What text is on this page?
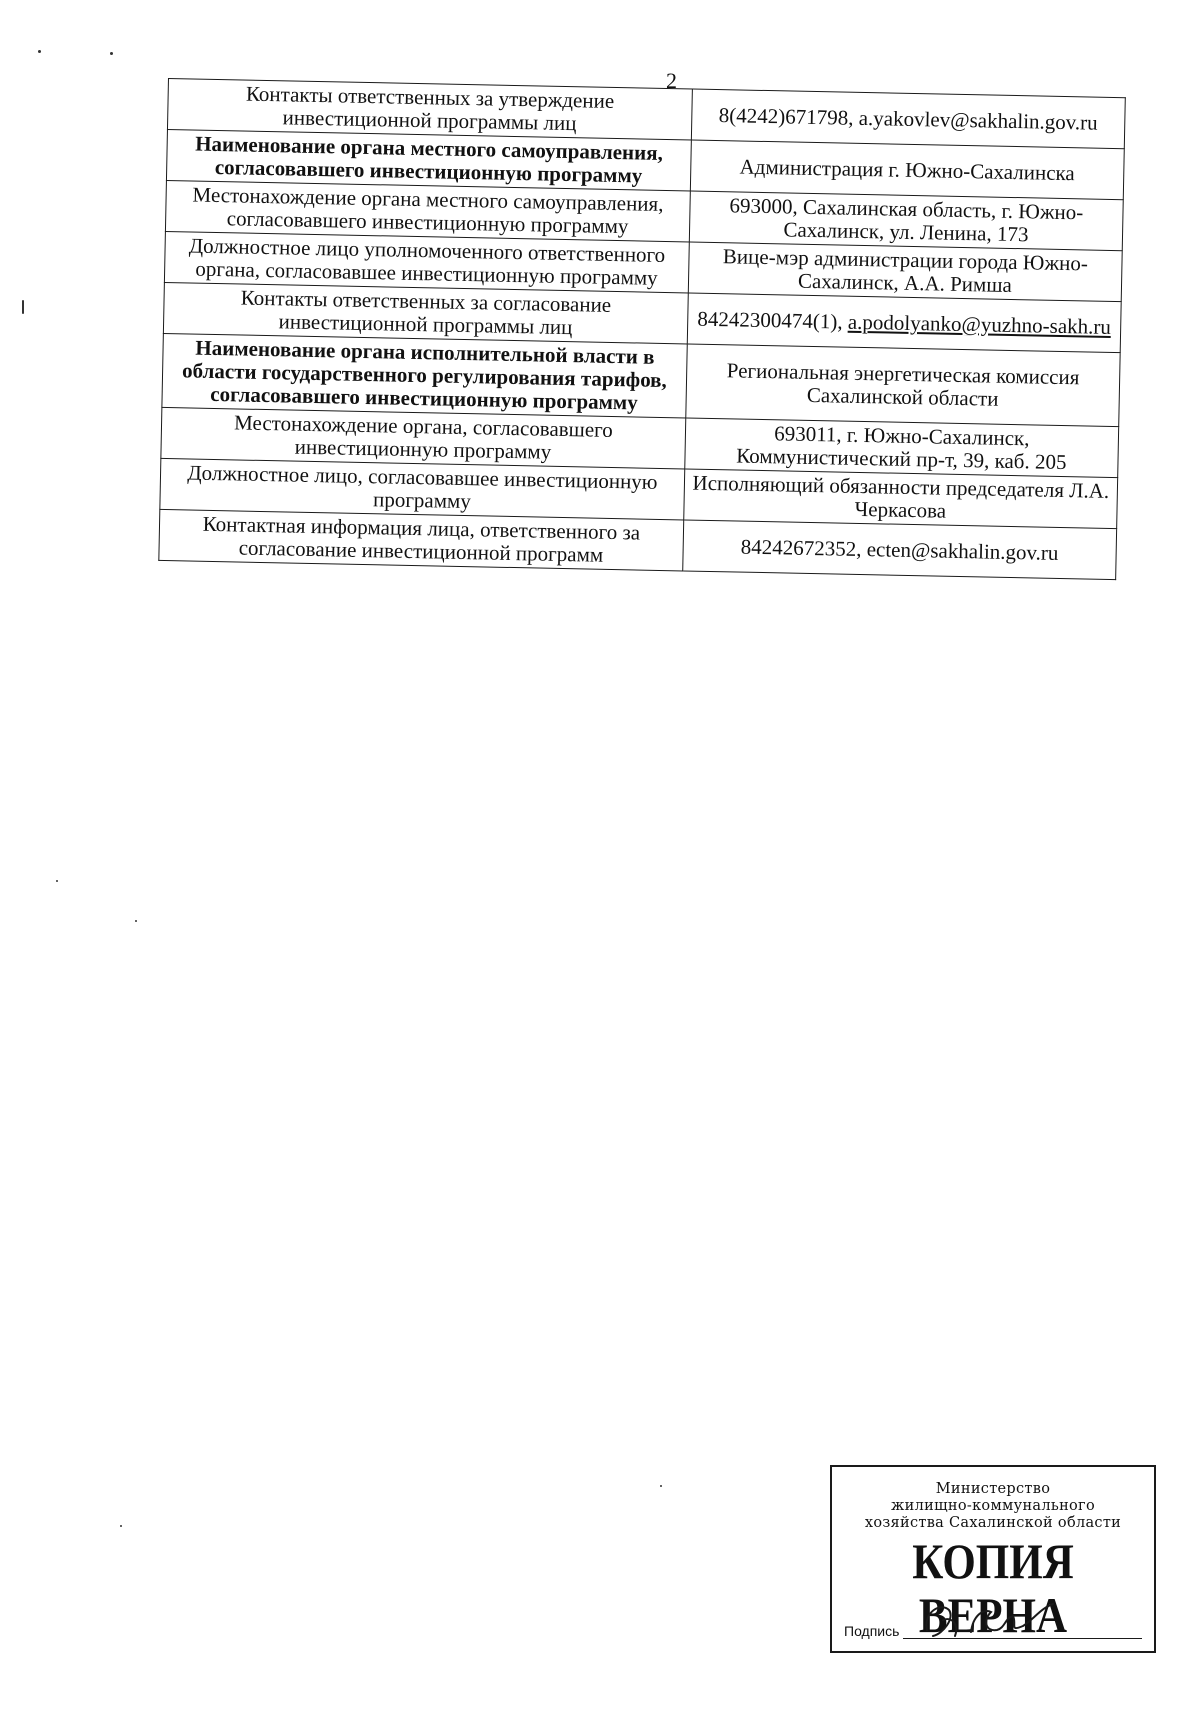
2
Контакты ответственных за утверждение инвестиционной программы лиц	8(4242)671798, a.yakovlev@sakhalin.gov.ru
Наименование органа местного самоуправления, согласовавшего инвестиционную программу	Администрация г. Южно-Сахалинска
Местонахождение органа местного самоуправления, согласовавшего инвестиционную программу	693000, Сахалинская область, г. Южно-Сахалинск, ул. Ленина, 173
Должностное лицо уполномоченного ответственного органа, согласовавшее инвестиционную программу	Вице-мэр администрации города Южно-Сахалинск, А.А. Римша
Контакты ответственных за согласование инвестиционной программы лиц	84242300474(1), a.podolyanko@yuzhno-sakh.ru
Наименование органа исполнительной власти в области государственного регулирования тарифов, согласовавшего инвестиционную программу	Региональная энергетическая комиссия Сахалинской области
Местонахождение органа, согласовавшего инвестиционную программу	693011, г. Южно-Сахалинск, Коммунистический пр-т, 39, каб. 205
Должностное лицо, согласовавшее инвестиционную программу	Исполняющий обязанности председателя Л.А. Черкасова
Контактная информация лица, ответственного за согласование инвестиционной программ	84242672352, ecten@sakhalin.gov.ru
Министерство
жилищно-коммунального
хозяйства Сахалинской области
КОПИЯ ВЕРНА
Подпись
